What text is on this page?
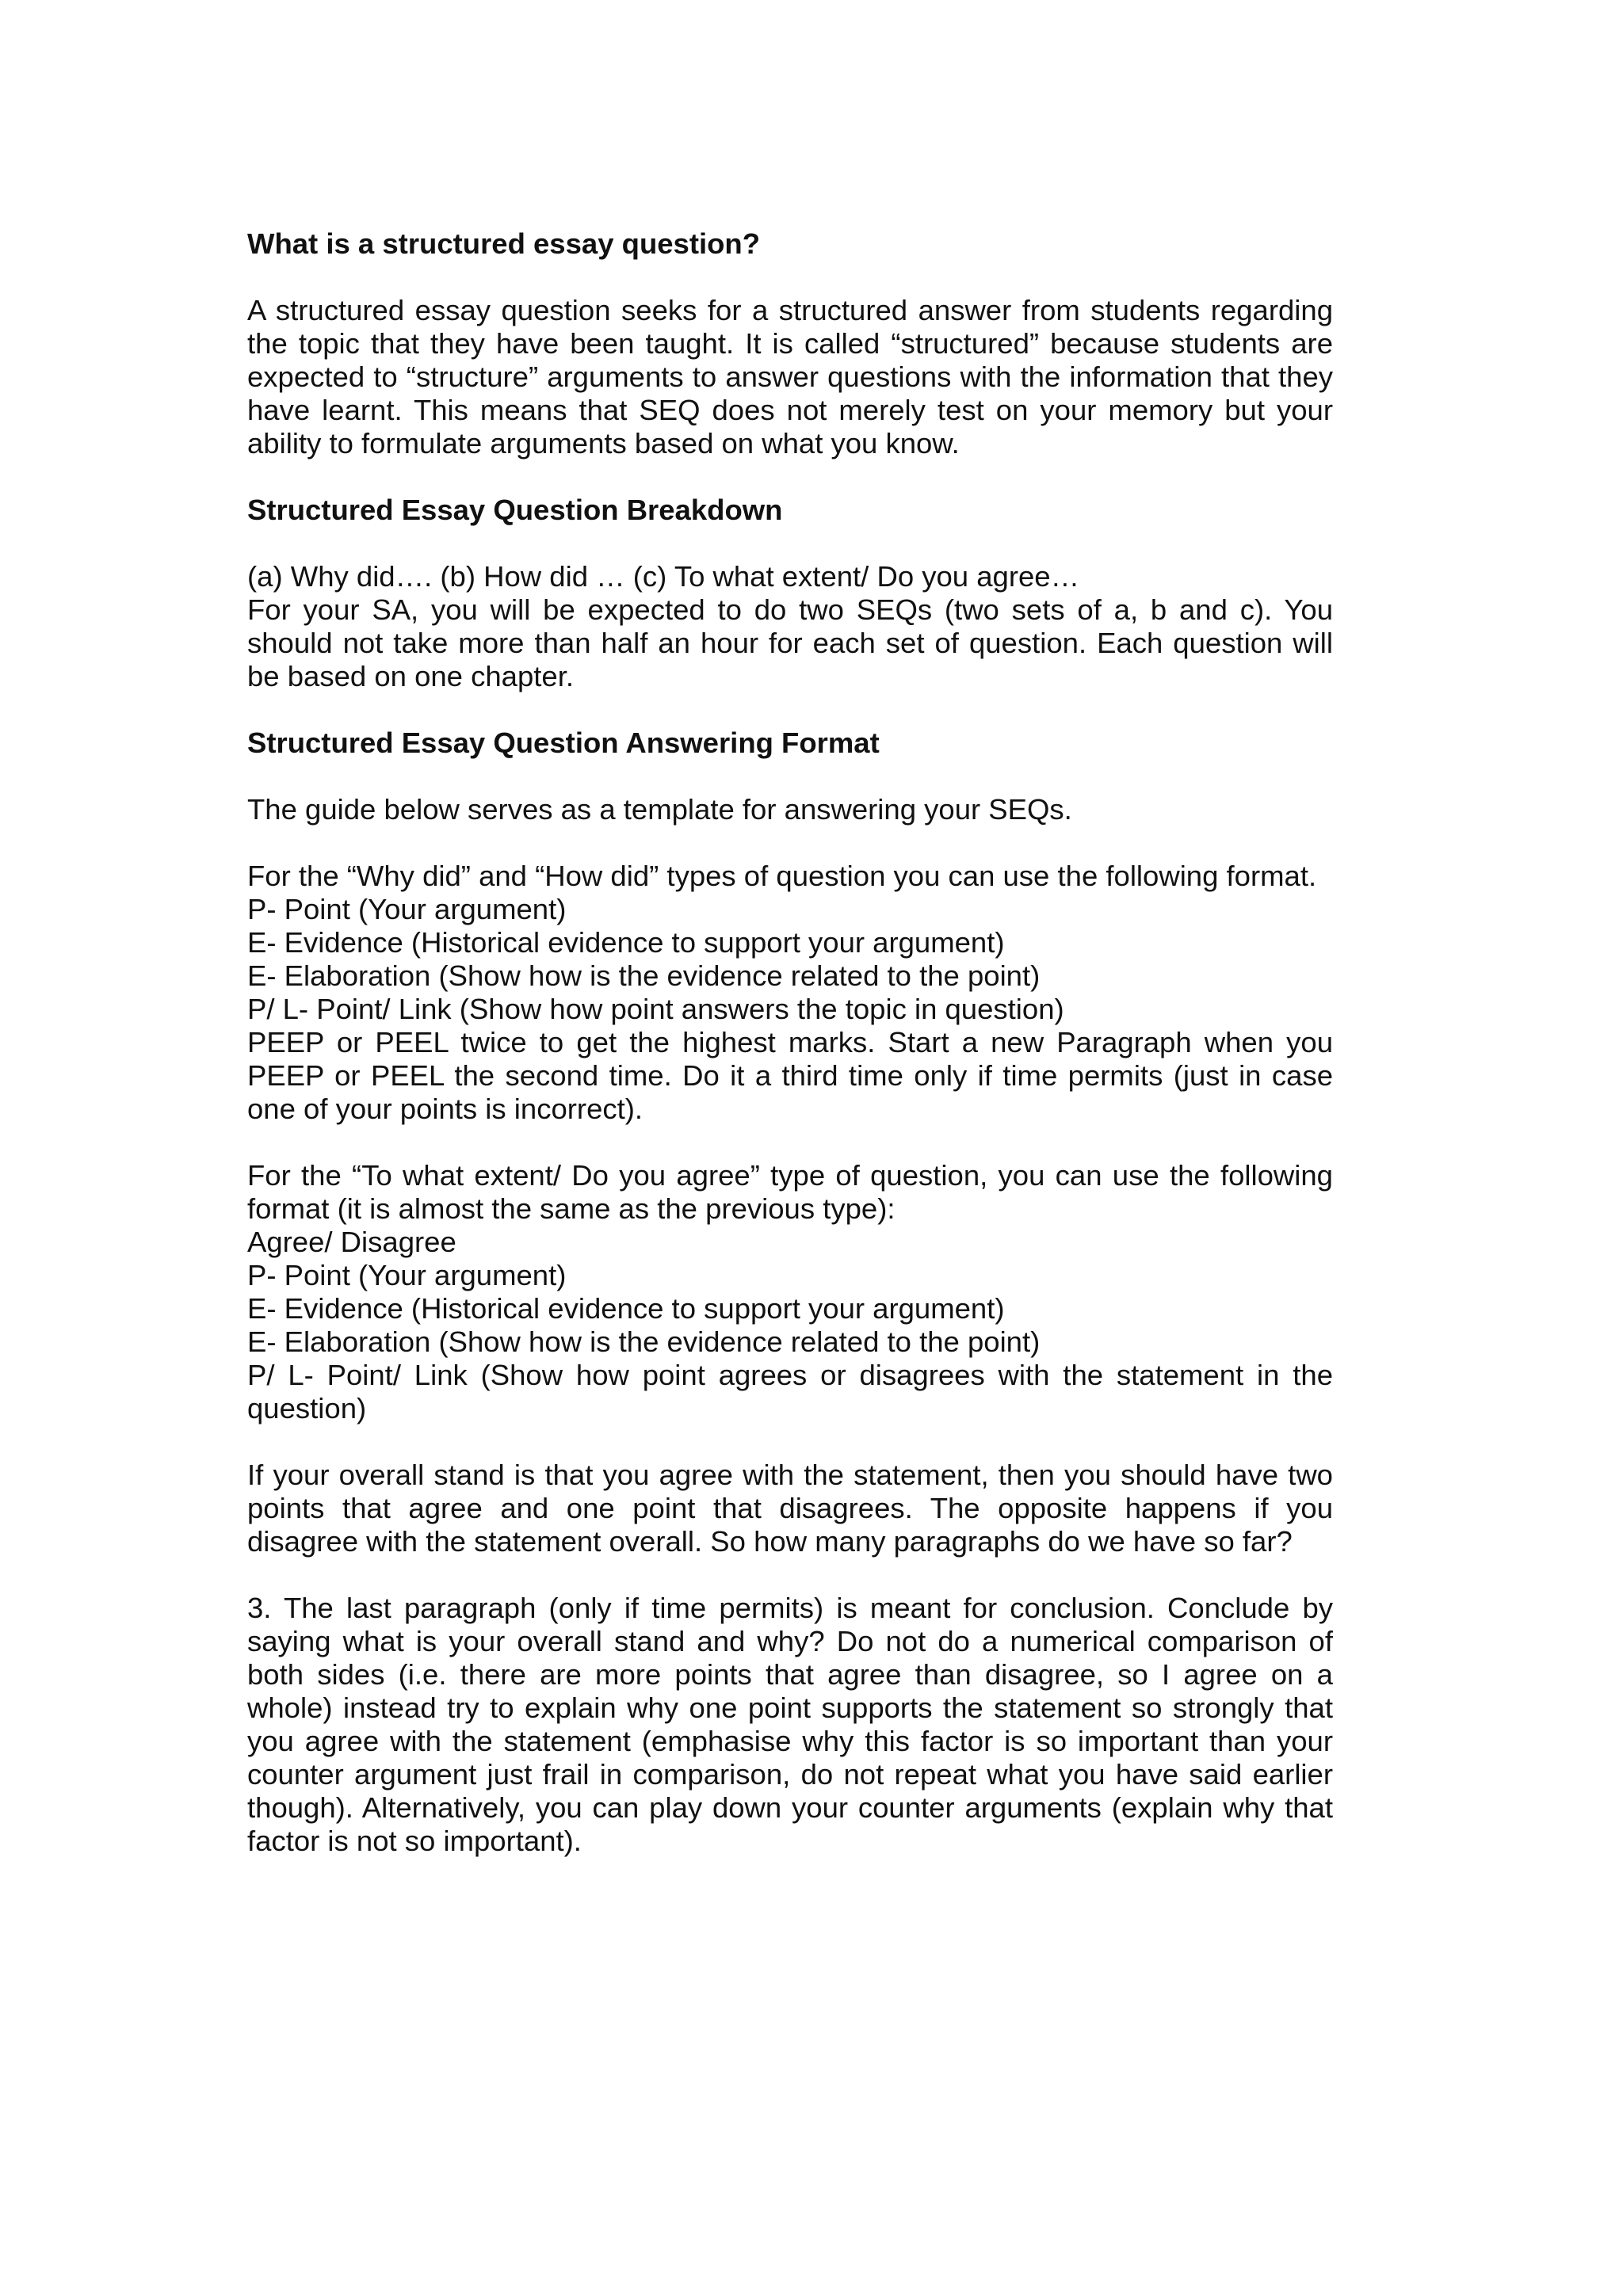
What is a structured essay question?

A structured essay question seeks for a structured answer from students regarding the topic that they have been taught. It is called “structured” because students are expected to “structure” arguments to answer questions with the information that they have learnt. This means that SEQ does not merely test on your memory but your ability to formulate arguments based on what you know.

Structured Essay Question Breakdown

(a) Why did…. (b) How did … (c) To what extent/ Do you agree…

For your SA, you will be expected to do two SEQs (two sets of a, b and c). You should not take more than half an hour for each set of question. Each question will be based on one chapter.

Structured Essay Question Answering Format

The guide below serves as a template for answering your SEQs.

For the “Why did” and “How did” types of question you can use the following format.

P- Point (Your argument)

E- Evidence (Historical evidence to support your argument)

E- Elaboration (Show how is the evidence related to the point)

P/ L- Point/ Link (Show how point answers the topic in question)

PEEP or PEEL twice to get the highest marks. Start a new Paragraph when you PEEP or PEEL the second time. Do it a third time only if time permits (just in case one of your points is incorrect).

For the “To what extent/ Do you agree” type of question, you can use the following format (it is almost the same as the previous type):

Agree/ Disagree

P- Point (Your argument)

E- Evidence (Historical evidence to support your argument)

E- Elaboration (Show how is the evidence related to the point)

P/ L- Point/ Link (Show how point agrees or disagrees with the statement in the question)

If your overall stand is that you agree with the statement, then you should have two points that agree and one point that disagrees. The opposite happens if you disagree with the statement overall. So how many paragraphs do we have so far?

3. The last paragraph (only if time permits) is meant for conclusion. Conclude by saying what is your overall stand and why? Do not do a numerical comparison of both sides (i.e. there are more points that agree than disagree, so I agree on a whole) instead try to explain why one point supports the statement so strongly that you agree with the statement (emphasise why this factor is so important than your counter argument just frail in comparison, do not repeat what you have said earlier though). Alternatively, you can play down your counter arguments (explain why that factor is not so important).
